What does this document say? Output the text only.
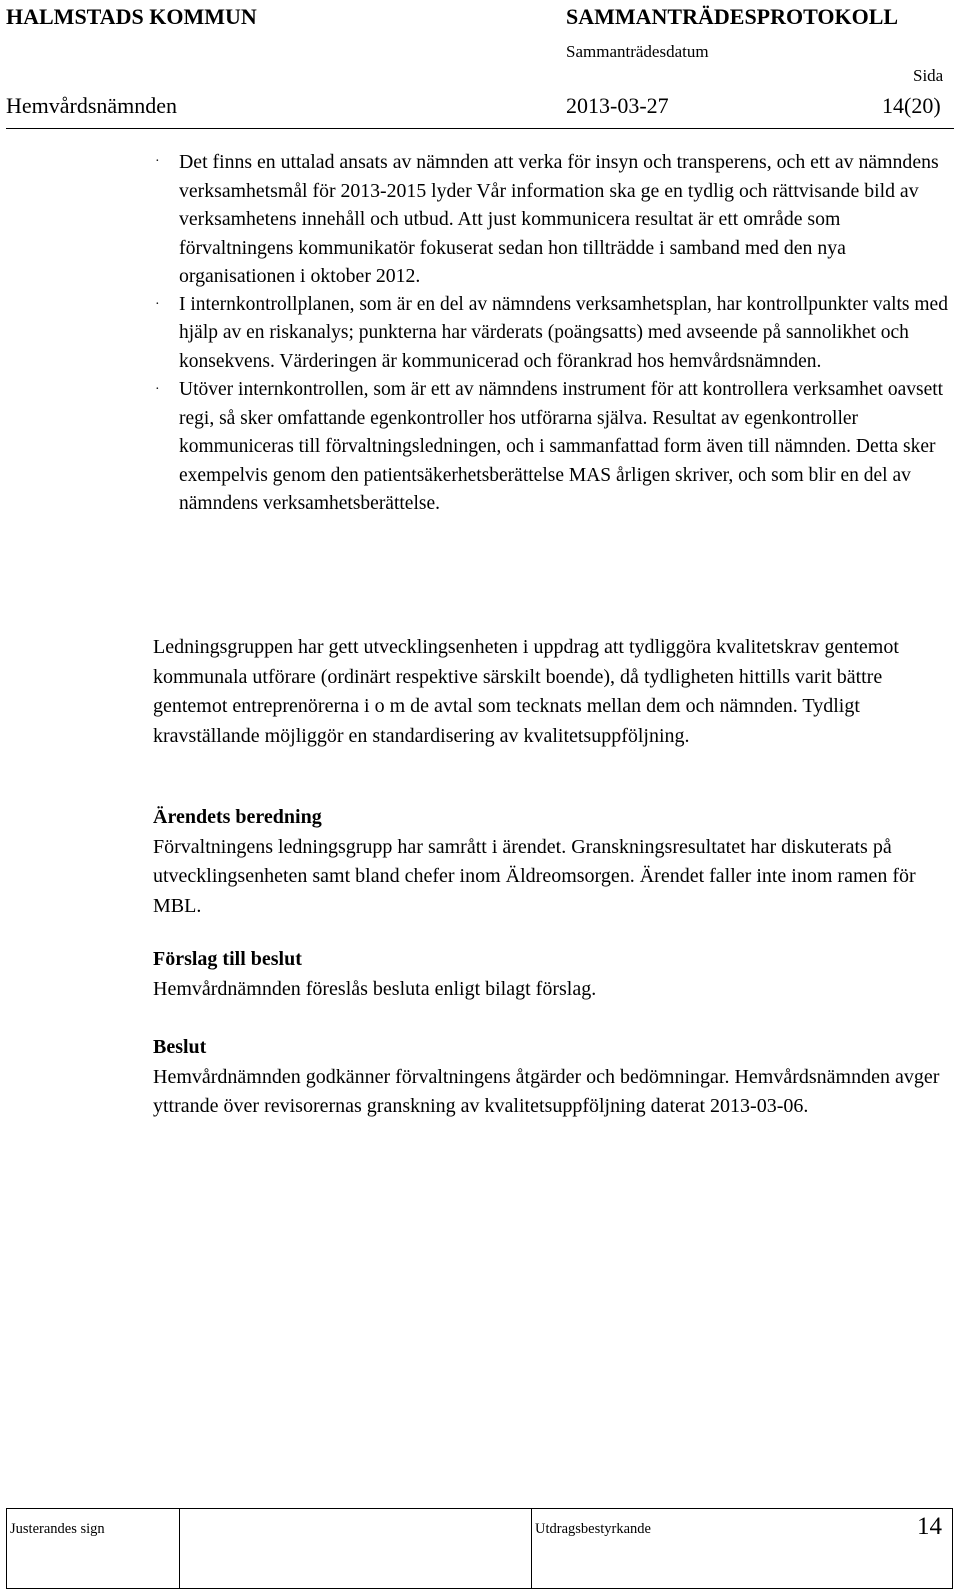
HALMSTADS KOMMUN	SAMMANTRÄDESPROTOKOLL
Sammanträdesdatum
Sida
Hemvårdsnämnden	2013-03-27	14(20)
· Det finns en uttalad ansats av nämnden att verka för insyn och transperens, och ett av nämndens verksamhetsmål för 2013-2015 lyder Vår information ska ge en tydlig och rättvisande bild av verksamhetens innehåll och utbud. Att just kommunicera resultat är ett område som förvaltningens kommunikatör fokuserat sedan hon tillträdde i samband med den nya organisationen i oktober 2012.
· I internkontrollplanen, som är en del av nämndens verksamhetsplan, har kontrollpunkter valts med hjälp av en riskanalys; punkterna har värderats (poängsatts) med avseende på sannolikhet och konsekvens. Värderingen är kommunicerad och förankrad hos hemvårdsnämnden.
· Utöver internkontrollen, som är ett av nämndens instrument för att kontrollera verksamhet oavsett regi, så sker omfattande egenkontroller hos utförarna själva. Resultat av egenkontroller kommuniceras till förvaltningsledningen, och i sammanfattad form även till nämnden. Detta sker exempelvis genom den patientsäkerhetsberättelse MAS årligen skriver, och som blir en del av nämndens verksamhetsberättelse.

Ledningsgruppen har gett utvecklingsenheten i uppdrag att tydliggöra kvalitetskrav gentemot kommunala utförare (ordinärt respektive särskilt boende), då tydligheten hittills varit bättre gentemot entreprenörerna i o m de avtal som tecknats mellan dem och nämnden. Tydligt kravställande möjliggör en standardisering av kvalitetsuppföljning.

Ärendets beredning

Förvaltningens ledningsgrupp har samrått i ärendet. Granskningsresultatet har diskuterats på utvecklingsenheten samt bland chefer inom Äldreomsorgen. Ärendet faller inte inom ramen för MBL.

Förslag till beslut

Hemvårdnämnden föreslås besluta enligt bilagt förslag.

Beslut

Hemvårdnämnden godkänner förvaltningens åtgärder och bedömningar. Hemvårdsnämnden avger yttrande över revisorernas granskning av kvalitetsuppföljning daterat 2013-03-06.

Justerandes sign	Utdragsbestyrkande	14
